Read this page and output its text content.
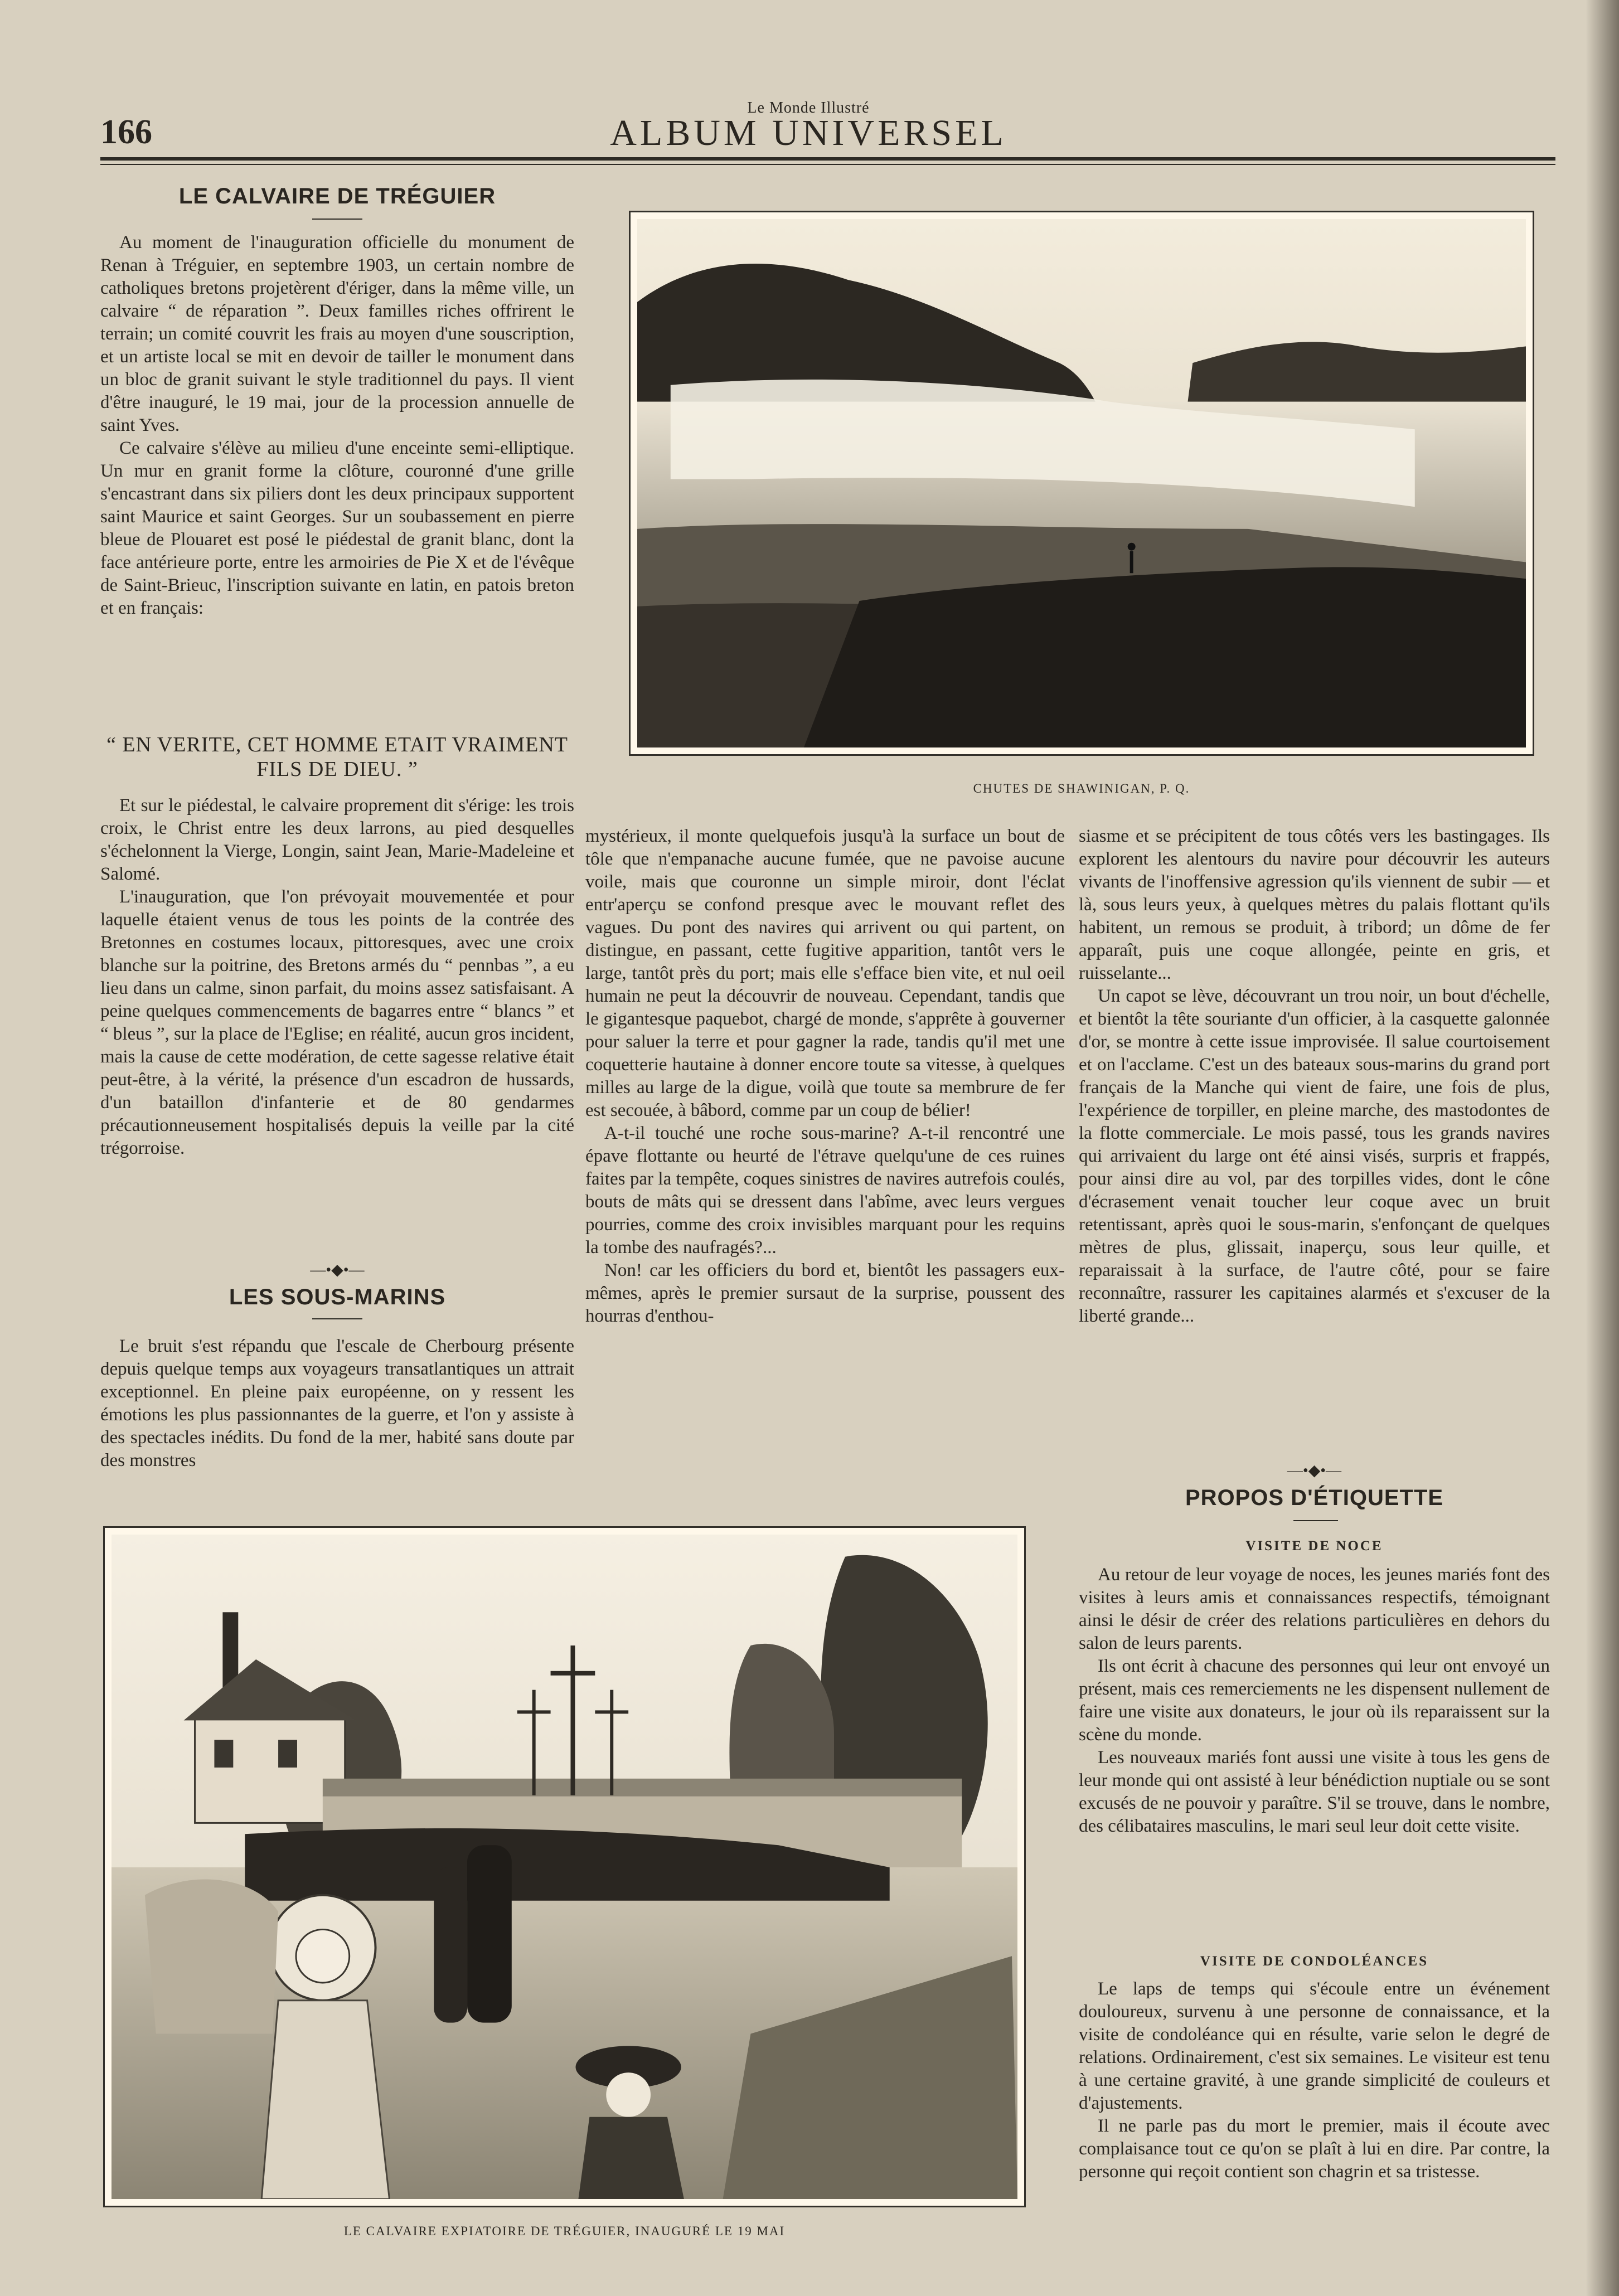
166
Le Monde Illustré
ALBUM UNIVERSEL
LE CALVAIRE DE TRÉGUIER

Au moment de l'inauguration officielle du monument de Renan à Tréguier, en septembre 1903, un certain nombre de catholiques bretons projetèrent d'ériger, dans la même ville, un calvaire “ de réparation ”. Deux familles riches offrirent le terrain; un comité couvrit les frais au moyen d'une souscription, et un artiste local se mit en devoir de tailler le monument dans un bloc de granit suivant le style traditionnel du pays. Il vient d'être inauguré, le 19 mai, jour de la procession annuelle de saint Yves.

Ce calvaire s'élève au milieu d'une enceinte semi-elliptique. Un mur en granit forme la clôture, couronné d'une grille s'encastrant dans six piliers dont les deux principaux supportent saint Maurice et saint Georges. Sur un soubassement en pierre bleue de Plouaret est posé le piédestal de granit blanc, dont la face antérieure porte, entre les armoiries de Pie X et de l'évêque de Saint-Brieuc, l'inscription suivante en latin, en patois breton et en français:

“ EN VERITE, CET HOMME ETAIT VRAIMENT FILS DE DIEU. ”

Et sur le piédestal, le calvaire proprement dit s'érige: les trois croix, le Christ entre les deux larrons, au pied desquelles s'échelonnent la Vierge, Longin, saint Jean, Marie-Madeleine et Salomé.

L'inauguration, que l'on prévoyait mouvementée et pour laquelle étaient venus de tous les points de la contrée des Bretonnes en costumes locaux, pittoresques, avec une croix blanche sur la poitrine, des Bretons armés du “ pennbas ”, a eu lieu dans un calme, sinon parfait, du moins assez satisfaisant. A peine quelques commencements de bagarres entre “ blancs ” et “ bleus ”, sur la place de l'Eglise; en réalité, aucun gros incident, mais la cause de cette modération, de cette sagesse relative était peut-être, à la vérité, la présence d'un escadron de hussards, d'un bataillon d'infanterie et de 80 gendarmes précautionneusement hospitalisés depuis la veille par la cité trégorroise.

—•◆•—
LES SOUS-MARINS

Le bruit s'est répandu que l'escale de Cherbourg présente depuis quelque temps aux voyageurs transatlantiques un attrait exceptionnel. En pleine paix européenne, on y ressent les émotions les plus passionnantes de la guerre, et l'on y assiste à des spectacles inédits. Du fond de la mer, habité sans doute par des monstres

CHUTES DE SHAWINIGAN, P. Q.

mystérieux, il monte quelquefois jusqu'à la surface un bout de tôle que n'empanache aucune fumée, que ne pavoise aucune voile, mais que couronne un simple miroir, dont l'éclat entr'aperçu se confond presque avec le mouvant reflet des vagues. Du pont des navires qui arrivent ou qui partent, on distingue, en passant, cette fugitive apparition, tantôt vers le large, tantôt près du port; mais elle s'efface bien vite, et nul oeil humain ne peut la découvrir de nouveau. Cependant, tandis que le gigantesque paquebot, chargé de monde, s'apprête à gouverner pour saluer la terre et pour gagner la rade, tandis qu'il met une coquetterie hautaine à donner encore toute sa vitesse, à quelques milles au large de la digue, voilà que toute sa membrure de fer est secouée, à bâbord, comme par un coup de bélier!

A-t-il touché une roche sous-marine? A-t-il rencontré une épave flottante ou heurté de l'étrave quelqu'une de ces ruines faites par la tempête, coques sinistres de navires autrefois coulés, bouts de mâts qui se dressent dans l'abîme, avec leurs vergues pourries, comme des croix invisibles marquant pour les requins la tombe des naufragés?...

Non! car les officiers du bord et, bientôt les passagers eux-mêmes, après le premier sursaut de la surprise, poussent des hourras d'enthou-

siasme et se précipitent de tous côtés vers les bastingages. Ils explorent les alentours du navire pour découvrir les auteurs vivants de l'inoffensive agression qu'ils viennent de subir — et là, sous leurs yeux, à quelques mètres du palais flottant qu'ils habitent, un remous se produit, à tribord; un dôme de fer apparaît, puis une coque allongée, peinte en gris, et ruisselante...

Un capot se lève, découvrant un trou noir, un bout d'échelle, et bientôt la tête souriante d'un officier, à la casquette galonnée d'or, se montre à cette issue improvisée. Il salue courtoisement et on l'acclame. C'est un des bateaux sous-marins du grand port français de la Manche qui vient de faire, une fois de plus, l'expérience de torpiller, en pleine marche, des mastodontes de la flotte commerciale. Le mois passé, tous les grands navires qui arrivaient du large ont été ainsi visés, surpris et frappés, pour ainsi dire au vol, par des torpilles vides, dont le cône d'écrasement venait toucher leur coque avec un bruit retentissant, après quoi le sous-marin, s'enfonçant de quelques mètres de plus, glissait, inaperçu, sous leur quille, et reparaissait à la surface, de l'autre côté, pour se faire reconnaître, rassurer les capitaines alarmés et s'excuser de la liberté grande...

—•◆•—
PROPOS D'ÉTIQUETTE
VISITE DE NOCE

Au retour de leur voyage de noces, les jeunes mariés font des visites à leurs amis et connaissances respectifs, témoignant ainsi le désir de créer des relations particulières en dehors du salon de leurs parents.

Ils ont écrit à chacune des personnes qui leur ont envoyé un présent, mais ces remerciements ne les dispensent nullement de faire une visite aux donateurs, le jour où ils reparaissent sur la scène du monde.

Les nouveaux mariés font aussi une visite à tous les gens de leur monde qui ont assisté à leur bénédiction nuptiale ou se sont excusés de ne pouvoir y paraître. S'il se trouve, dans le nombre, des célibataires masculins, le mari seul leur doit cette visite.

VISITE DE CONDOLÉANCES

Le laps de temps qui s'écoule entre un événement douloureux, survenu à une personne de connaissance, et la visite de condoléance qui en résulte, varie selon le degré de relations. Ordinairement, c'est six semaines. Le visiteur est tenu à une certaine gravité, à une grande simplicité de couleurs et d'ajustements.

Il ne parle pas du mort le premier, mais il écoute avec complaisance tout ce qu'on se plaît à lui en dire. Par contre, la personne qui reçoit contient son chagrin et sa tristesse.

LE CALVAIRE EXPIATOIRE DE TRÉGUIER, INAUGURÉ LE 19 MAI
